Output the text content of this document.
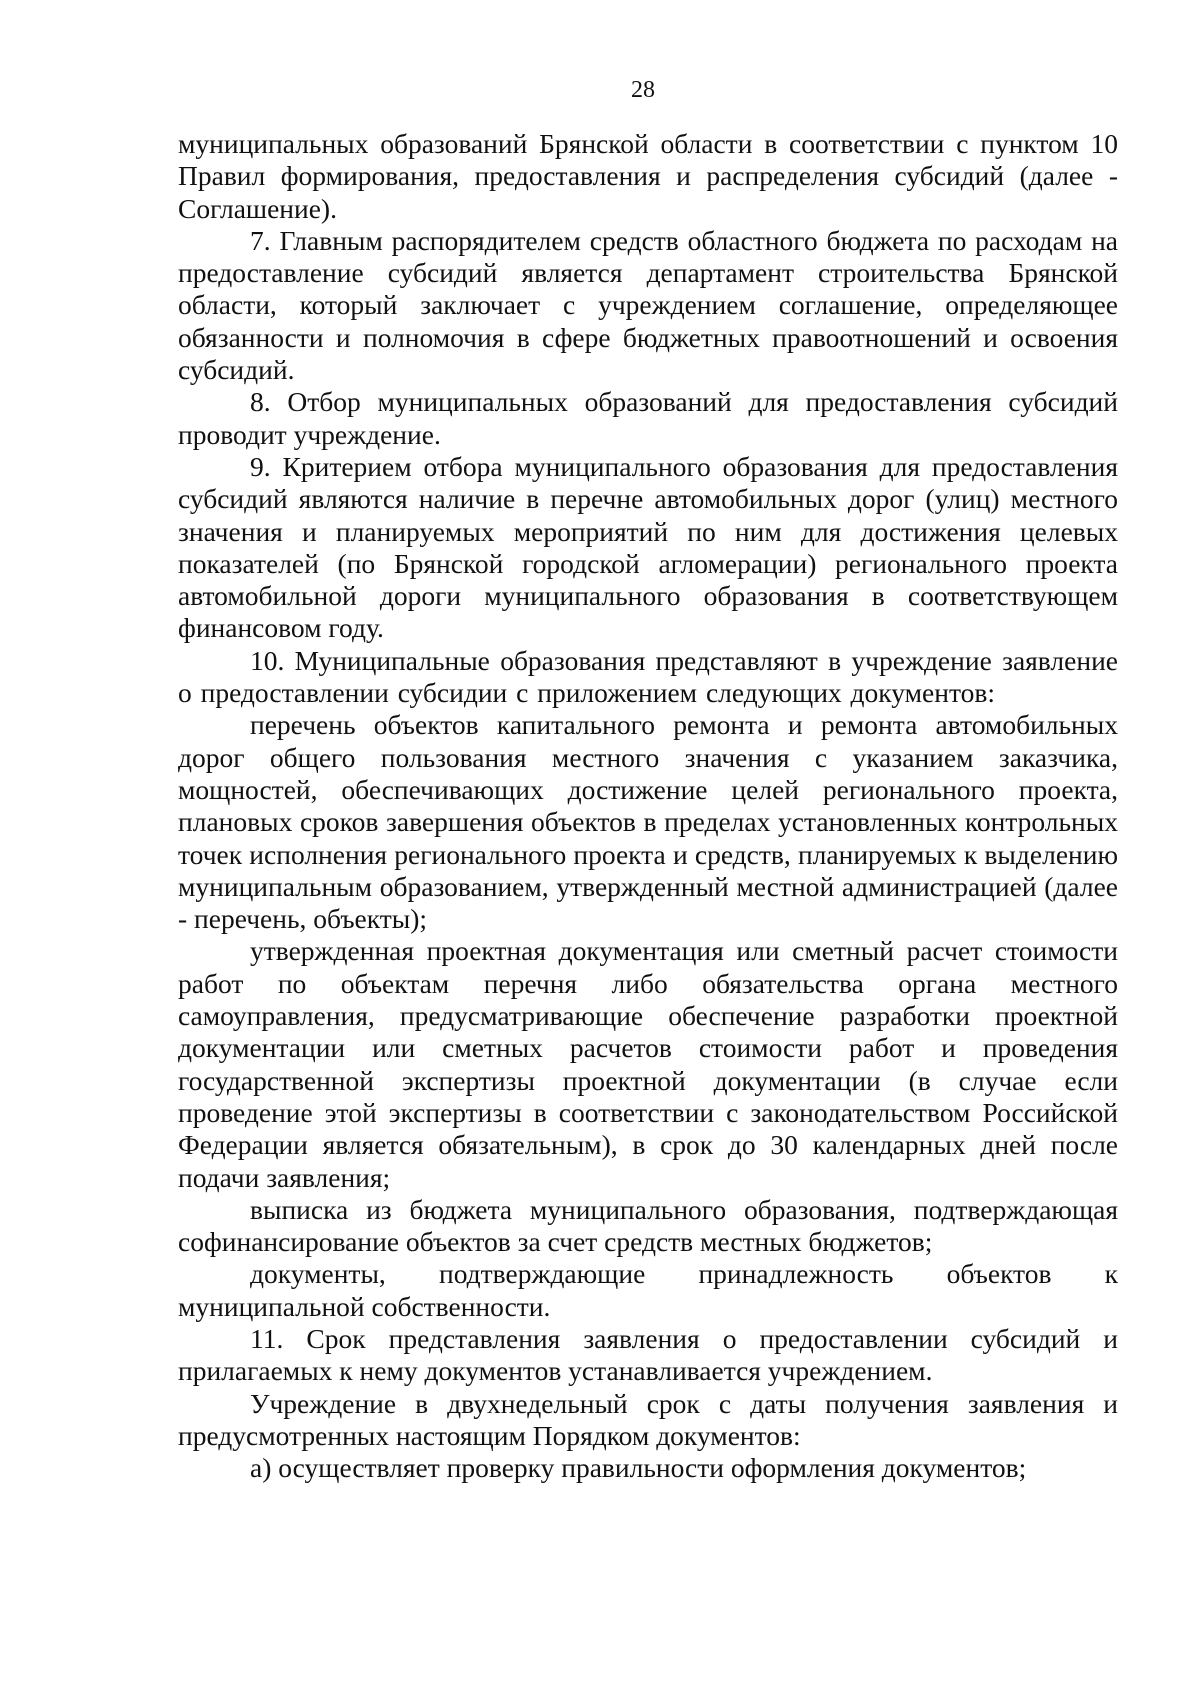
28

муниципальных образований Брянской области в соответствии с пунктом 10 Правил формирования, предоставления и распределения субсидий (далее - Соглашение).

7. Главным распорядителем средств областного бюджета по расходам на предоставление субсидий является департамент строительства Брянской области, который заключает с учреждением соглашение, определяющее обязанности и полномочия в сфере бюджетных правоотношений и освоения субсидий.

8. Отбор муниципальных образований для предоставления субсидий проводит учреждение.

9. Критерием отбора муниципального образования для предоставления субсидий являются наличие в перечне автомобильных дорог (улиц) местного значения и планируемых мероприятий по ним для достижения целевых показателей (по Брянской городской агломерации) регионального проекта автомобильной дороги муниципального образования в соответствующем финансовом году.

10. Муниципальные образования представляют в учреждение заявление о предоставлении субсидии с приложением следующих документов:

перечень объектов капитального ремонта и ремонта автомобильных дорог общего пользования местного значения с указанием заказчика, мощностей, обеспечивающих достижение целей регионального проекта, плановых сроков завершения объектов в пределах установленных контрольных точек исполнения регионального проекта и средств, планируемых к выделению муниципальным образованием, утвержденный местной администрацией (далее - перечень, объекты);

утвержденная проектная документация или сметный расчет стоимости работ по объектам перечня либо обязательства органа местного самоуправления, предусматривающие обеспечение разработки проектной документации или сметных расчетов стоимости работ и проведения государственной экспертизы проектной документации (в случае если проведение этой экспертизы в соответствии с законодательством Российской Федерации является обязательным), в срок до 30 календарных дней после подачи заявления;

выписка из бюджета муниципального образования, подтверждающая софинансирование объектов за счет средств местных бюджетов;

документы, подтверждающие принадлежность объектов к муниципальной собственности.

11. Срок представления заявления о предоставлении субсидий и прилагаемых к нему документов устанавливается учреждением.

Учреждение в двухнедельный срок с даты получения заявления и предусмотренных настоящим Порядком документов:

а) осуществляет проверку правильности оформления документов;
